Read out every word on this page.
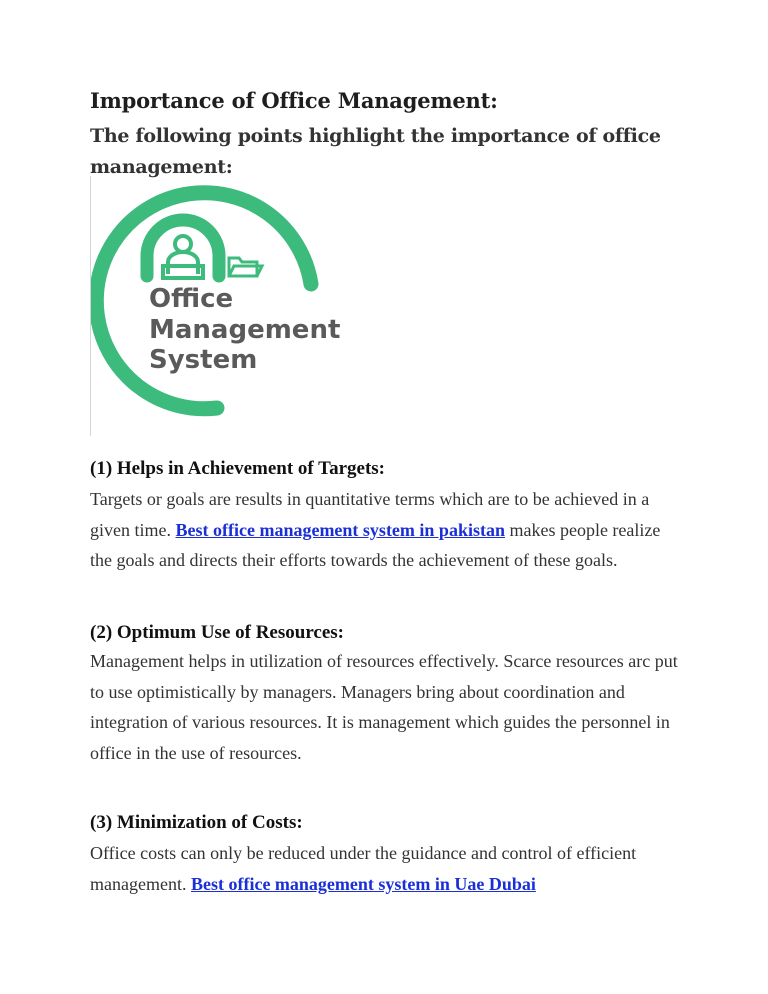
Importance of Office Management:
The following points highlight the importance of office management:
Office
Management
System
(1) Helps in Achievement of Targets:

Targets or goals are results in quantitative terms which are to be achieved in a given time. Best office management system in pakistan makes people realize the goals and directs their efforts towards the achievement of these goals.

(2) Optimum Use of Resources:

Management helps in utilization of resources effectively. Scarce resources arc put to use optimistically by managers. Managers bring about coordination and integration of various resources. It is management which guides the personnel in office in the use of resources.

(3) Minimization of Costs:

Office costs can only be reduced under the guidance and control of efficient management. Best office management system in Uae Dubai
